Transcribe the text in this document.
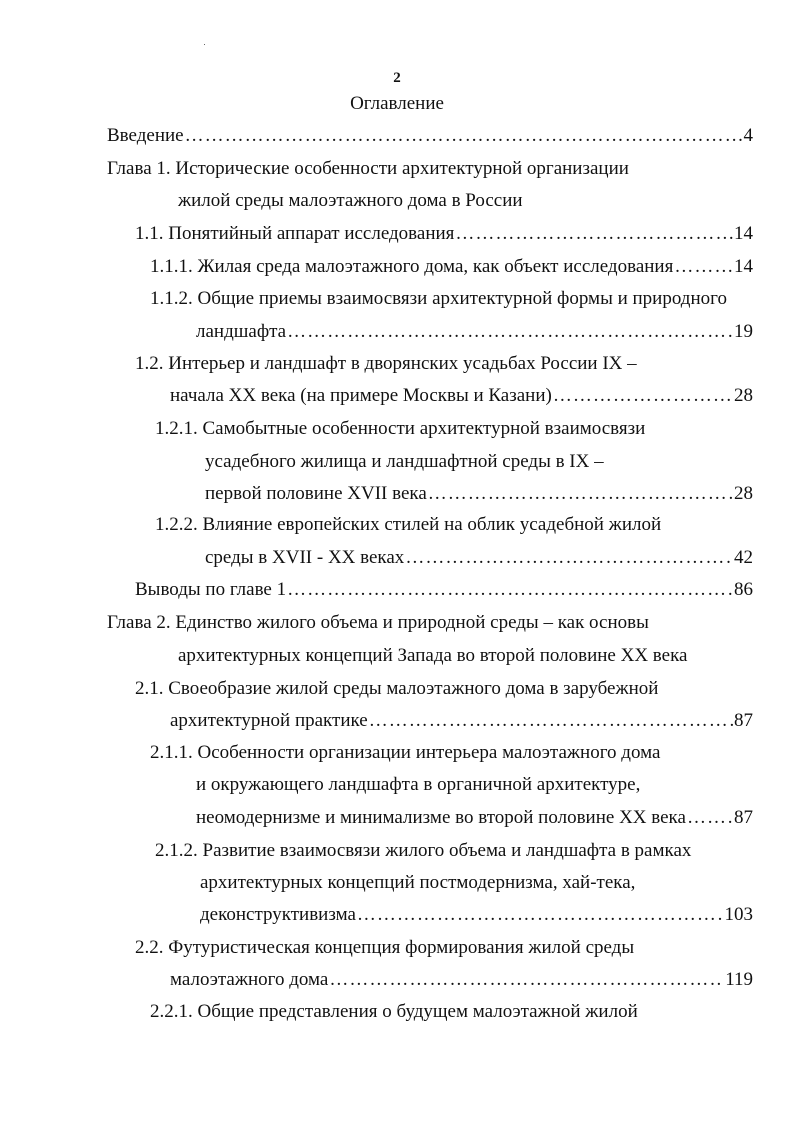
2
Оглавление
Введение ……………………………………………………………………………………………………………………………………………………………………	4
Глава 1. Исторические особенности архитектурной организации
жилой среды малоэтажного дома в России
1.1. Понятийный аппарат исследования ……………………………………………………………………………………………………………………………………………………………………	14
1.1.1. Жилая среда малоэтажного дома, как объект исследования ……………………………………………………………………………………………………………………………………………………………………	14
1.1.2. Общие приемы взаимосвязи архитектурной формы и природного
ландшафта ……………………………………………………………………………………………………………………………………………………………………	19
1.2. Интерьер и ландшафт в дворянских усадьбах России IX –
начала XX века (на примере Москвы и Казани) ……………………………………………………………………………………………………………………………………………………………………	28
1.2.1. Самобытные особенности архитектурной взаимосвязи
усадебного жилища и ландшафтной среды в IX –
первой половине XVII века ……………………………………………………………………………………………………………………………………………………………………	28
1.2.2. Влияние европейских стилей на облик усадебной жилой
среды в XVII - XX веках ……………………………………………………………………………………………………………………………………………………………………	42
Выводы по главе 1 ……………………………………………………………………………………………………………………………………………………………………	86
Глава 2. Единство жилого объема и природной среды – как основы
архитектурных концепций Запада во второй половине XX века
2.1. Своеобразие жилой среды малоэтажного дома в зарубежной
архитектурной практике ……………………………………………………………………………………………………………………………………………………………………	87
2.1.1. Особенности организации интерьера малоэтажного дома
и окружающего ландшафта в органичной архитектуре,
неомодернизме и минимализме во второй половине XX века ……………………………………………………………………………………………………………………………………………………………………	87
2.1.2. Развитие взаимосвязи жилого объема и ландшафта в рамках
архитектурных концепций постмодернизма, хай-тека,
деконструктивизма ……………………………………………………………………………………………………………………………………………………………………	103
2.2. Футуристическая концепция формирования жилой среды
малоэтажного дома ……………………………………………………………………………………………………………………………………………………………………	119
2.2.1. Общие представления о будущем малоэтажной жилой
